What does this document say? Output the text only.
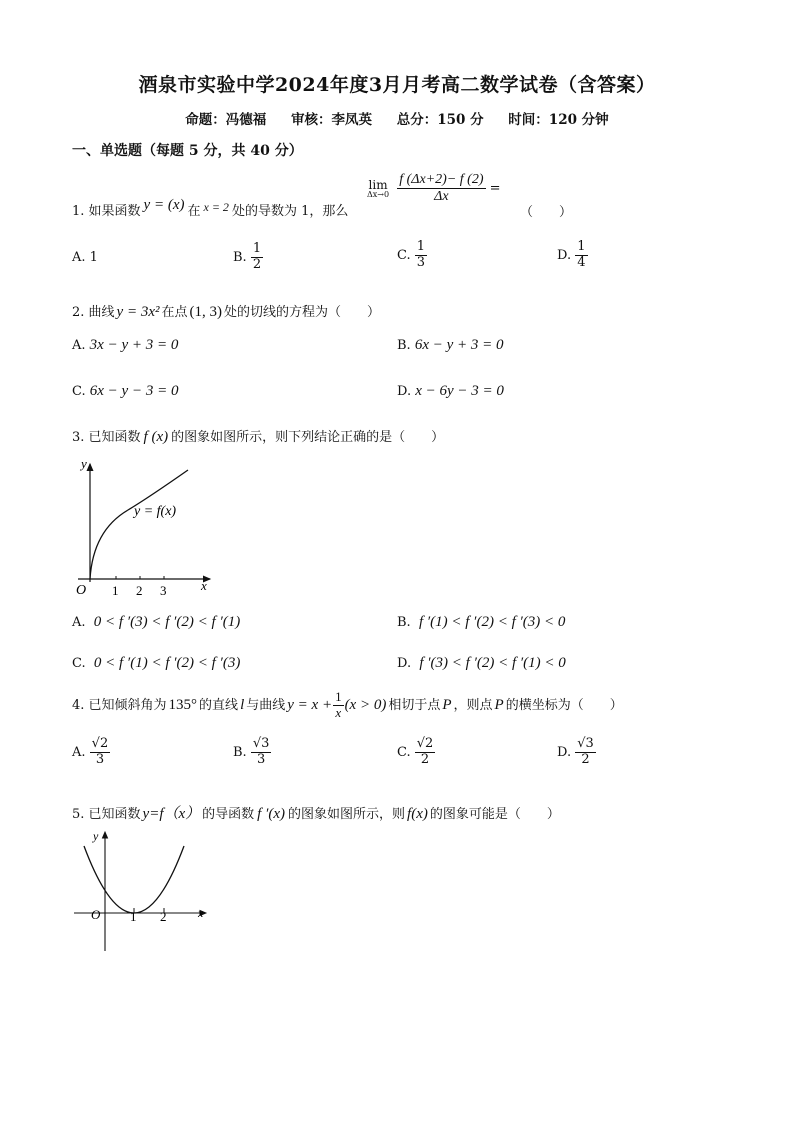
酒泉市实验中学2024年度3月月考高二数学试卷（含答案）
命题：冯德福 审核：李凤英 总分：150 分 时间：120 分钟
一、单选题（每题 5 分，共 40 分）
1. 如果函数 y = (x) 在 x = 2 处的导数为 1，那么
lim
Δx→0
$\frac{f (\Delta x+2)- f (2)}{\Delta x}$ =
（　　）
A. 1	B. $\frac{1}{2}$	C. $\frac{1}{3}$	D. $\frac{1}{4}$
2. 曲线 y = 3x² 在点 (1, 3) 处的切线的方程为（　　）
A. 3x − y + 3 = 0	B. 6x − y + 3 = 0
C. 6x − y − 3 = 0	D. x − 6y − 3 = 0
3. 已知函数 f (x) 的图象如图所示，则下列结论正确的是（　　）
y
x
O 1 2 3
y = f(x)
A. 0 < f ′(3) < f ′(2) < f ′(1)	B. f ′(1) < f ′(2) < f ′(3) < 0
C. 0 < f ′(1) < f ′(2) < f ′(3)	D. f ′(3) < f ′(2) < f ′(1) < 0
4. 已知倾斜角为 135° 的直线 l 与曲线 $y = x + \frac{1}{x} (x > 0)$ 相切于点 P ，则点 P 的横坐标为（　　）
A. $\frac{√2}{3}$	B. $\frac{√3}{3}$	C. $\frac{√2}{2}$	D. $\frac{√3}{2}$
5. 已知函数 y=f（x） 的导函数 f ′(x) 的图象如图所示，则 f(x) 的图象可能是（　　）
y
x
O 1 2
